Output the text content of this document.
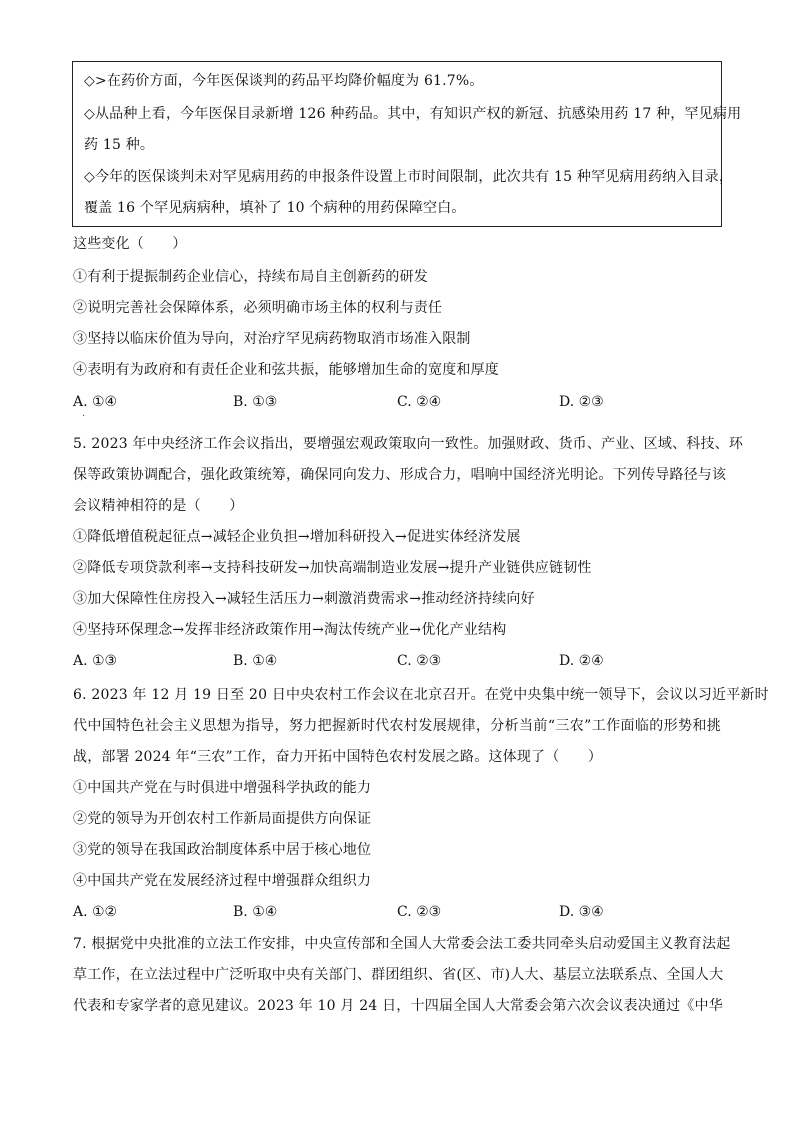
◇>在药价方面，今年医保谈判的药品平均降价幅度为 61.7%。
◇从品种上看，今年医保目录新增 126 种药品。其中，有知识产权的新冠、抗感染用药 17 种，罕见病用
药 15 种。
◇今年的医保谈判未对罕见病用药的申报条件设置上市时间限制，此次共有 15 种罕见病用药纳入目录，
覆盖 16 个罕见病病种，填补了 10 个病种的用药保障空白。
这些变化（　　）
①有利于提振制药企业信心，持续布局自主创新药的研发
②说明完善社会保障体系，必须明确市场主体的权利与责任
③坚持以临床价值为导向，对治疗罕见病药物取消市场准入限制
④表明有为政府和有责任企业和弦共振，能够增加生命的宽度和厚度
A. ①④	B. ①③	C. ②④	D. ②③
·
5. 2023 年中央经济工作会议指出，要增强宏观政策取向一致性。加强财政、货币、产业、区域、科技、环
保等政策协调配合，强化政策统筹，确保同向发力、形成合力，唱响中国经济光明论。下列传导路径与该
会议精神相符的是（　　）
①降低增值税起征点→减轻企业负担→增加科研投入→促进实体经济发展
②降低专项贷款利率→支持科技研发→加快高端制造业发展→提升产业链供应链韧性
③加大保障性住房投入→减轻生活压力→刺激消费需求→推动经济持续向好
④坚持环保理念→发挥非经济政策作用→淘汰传统产业→优化产业结构
A. ①③	B. ①④	C. ②③	D. ②④
6. 2023 年 12 月 19 日至 20 日中央农村工作会议在北京召开。在党中央集中统一领导下，会议以习近平新时
代中国特色社会主义思想为指导，努力把握新时代农村发展规律，分析当前“三农”工作面临的形势和挑
战，部署 2024 年“三农”工作，奋力开拓中国特色农村发展之路。这体现了（　　）
①中国共产党在与时俱进中增强科学执政的能力
②党的领导为开创农村工作新局面提供方向保证
③党的领导在我国政治制度体系中居于核心地位
④中国共产党在发展经济过程中增强群众组织力
A. ①②	B. ①④	C. ②③	D. ③④
7. 根据党中央批准的立法工作安排，中央宣传部和全国人大常委会法工委共同牵头启动爱国主义教育法起
草工作，在立法过程中广泛听取中央有关部门、群团组织、省(区、市)人大、基层立法联系点、全国人大
代表和专家学者的意见建议。2023 年 10 月 24 日，十四届全国人大常委会第六次会议表决通过《中华
